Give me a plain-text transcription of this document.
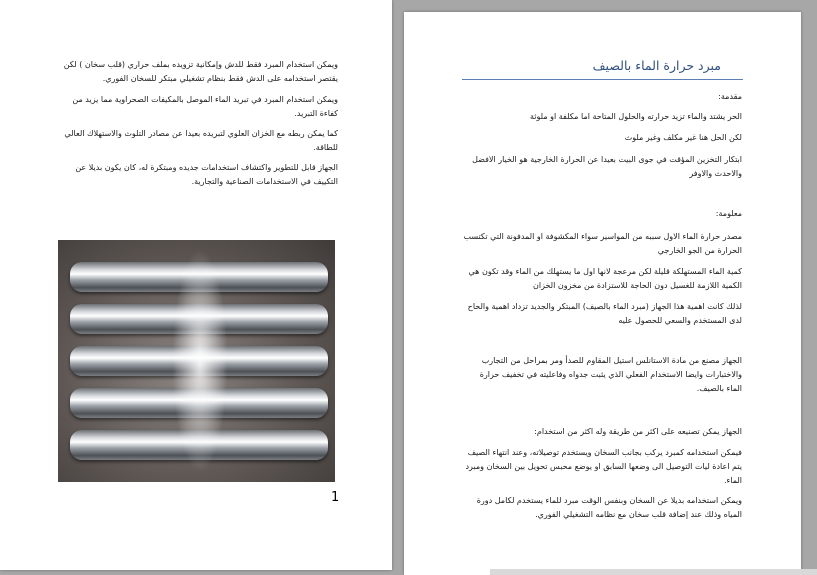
ويمكن استخدام المبرد فقط للدش وإمكانية تزويده بملف حراري (قلب سخان ) لكن يقتصر استخدامه على الدش فقط بنظام تشغيلي مبتكر للسخان الفوري.
ويمكن استخدام المبرد في تبريد الماء الموصل بالمكيفات الصحراوية مما يزيد من كفاءة التبريد.
كما يمكن ربطه مع الخزان العلوي لتبريده بعيدا عن مصادر التلوث والاستهلاك العالي للطاقة.
الجهاز قابل للتطوير واكتشاف استخدامات جديده ومبتكرة له، كان يكون بديلا عن التكييف في الاستخدامات الصناعية والتجارية.
1
مبرد حرارة الماء بالصيف
مقدمة:
الحر يشتد والماء تزيد حرارته والحلول المتاحة اما مكلفة او ملوثة
لكن الحل هنا غير مكلف وغير ملوث
ابتكار التخزين المؤقت في جوى البيت بعيدا عن الحرارة الخارجية هو الخيار الافضل والاحدث والاوفر
معلومة:
مصدر حرارة الماء الاول سببه من المواسير سواء المكشوفة او المدفونة التي تكتسب الحرارة من الجو الخارجي
كمية الماء المستهلكة قليلة لكن مرعجة لانها اول ما يستهلك من الماء وقد تكون هي الكمية اللازمة للغسيل دون الحاجة للاستزادة من مخزون الخزان
لذلك كانت اهمية هذا الجهاز (مبرد الماء بالصيف) المبتكر والجديد تزداد اهمية والحاح لدى المستخدم والسعي للحصول عليه
الجهاز مصنع من مادة الاستانلس استيل المقاوم للصدأ ومر بمراحل من التجارب والاختبارات وايضا الاستخدام الفعلي الذي يثبت جدواه وفاعليته في تخفيف حرارة الماء بالصيف.
الجهاز يمكن تصنيعه على اكثر من طريقة وله اكثر من استخدام:
فيمكن استخدامه كمبرد يركب بجانب السخان ويستخدم توصيلاته، وعند انتهاء الصيف يتم اعادة ليات التوصيل الى وضعها السابق او يوضع محبس تحويل بين السخان ومبرد الماء.
ويمكن استخدامه بديلا عن السخان وبنفس الوقت مبرد للماء يستخدم لكامل دورة المياه وذلك عند إضافة قلب سخان مع نظامه التشغيلي الفوري.
